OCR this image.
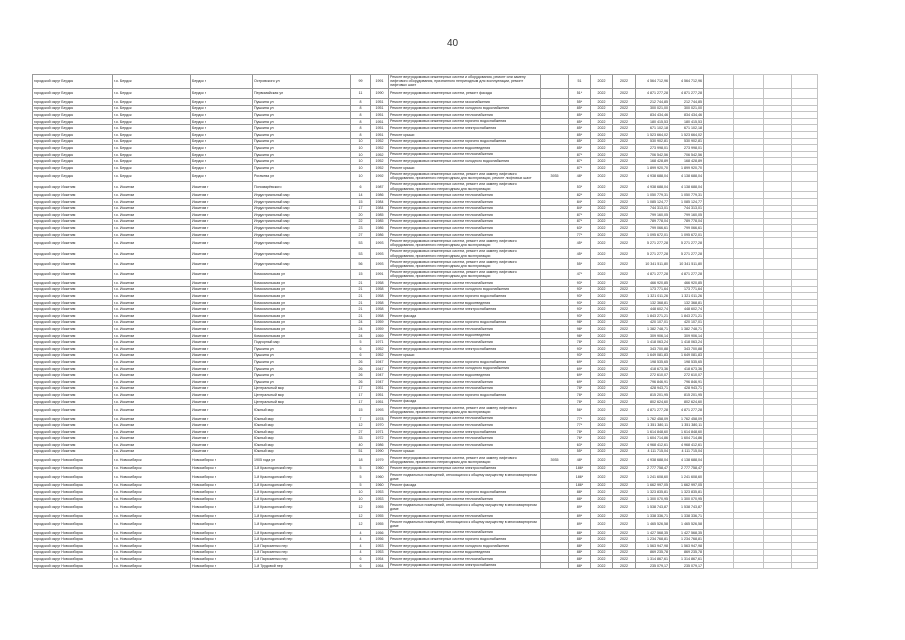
40
городской округ Бердск	г.о. Бердск	Бердск г	Островского ул	99	1991	Ремонт внутридомовых инженерных систем и оборудования, ремонт или замену лифтового оборудования, признанного непригодным для эксплуатации, ремонт лифтовых шахт		51	2022	2022	4 564 712,96	4 564 712,96				
городской округ Бердск	г.о. Бердск	Бердск г	Первомайская ул	11	1990	Ремонт внутридомовых инженерных систем, ремонт фасада		51*	2022	2022	4 871 277,28	4 871 277,28				
городской округ Бердск	г.о. Бердск	Бердск г	Пушкина ул	8	1951	Ремонт внутридомовых инженерных систем газоснабжения		55*	2022	2022	212 744,85	212 744,85				
городской округ Бердск	г.о. Бердск	Бердск г	Пушкина ул	8	1951	Ремонт внутридомовых инженерных систем холодного водоснабжения		85*	2022	2022	300 021,00	300 021,00				
городской округ Бердск	г.о. Бердск	Бердск г	Пушкина ул	8	1951	Ремонт внутридомовых инженерных систем теплоснабжения		85*	2022	2022	834 434,46	834 434,46				
городской округ Бердск	г.о. Бердск	Бердск г	Пушкина ул	8	1951	Ремонт внутридомовых инженерных систем горячего водоснабжения		85*	2022	2022	180 415,53	180 415,53				
городской округ Бердск	г.о. Бердск	Бердск г	Пушкина ул	8	1951	Ремонт внутридомовых инженерных систем электроснабжения		85*	2022	2022	671 102,18	671 102,18				
городской округ Бердск	г.о. Бердск	Бердск г	Пушкина ул	8	1951	Ремонт крыши		85*	2022	2022	1 523 664,02	1 523 664,02				
городской округ Бердск	г.о. Бердск	Бердск г	Пушкина ул	10	1952	Ремонт внутридомовых инженерных систем горячего водоснабжения		85*	2022	2022	530 902,81	530 902,81				
городской округ Бердск	г.о. Бердск	Бердск г	Пушкина ул	10	1952	Ремонт внутридомовых инженерных систем водоотведения		85*	2022	2022	273 998,01	273 998,01				
городской округ Бердск	г.о. Бердск	Бердск г	Пушкина ул	10	1952	Ремонт внутридомовых инженерных систем теплоснабжения		87*	2022	2022	706 542,56	706 542,56				
городской округ Бердск	г.о. Бердск	Бердск г	Пушкина ул	10	1952	Ремонт внутридомовых инженерных систем холодного водоснабжения		87*	2022	2022	168 428,89	168 428,89				
городской округ Бердск	г.о. Бердск	Бердск г	Пушкина ул	10	1952	Ремонт крыши		87*	2022	2022	1 899 920,70	1 899 920,70				
городской округ Бердск	г.о. Бердск	Бердск г	Рогачева ул	10	1992	Ремонт внутридомовых инженерных систем, ремонт или замену лифтового оборудования, признанного непригодным для эксплуатации, ремонт лифтовых шахт	3935	48*	2022	2022	4 938 688,04	4 138 688,04				
городской округ Искитим	г.о. Искитим	Искитим г	Пономарёвского	6	1987	Ремонт внутридомовых инженерных систем, ремонт или замену лифтового оборудования, признанного непригодным для эксплуатации		53*	2022	2022	4 938 688,04	4 138 688,04				
городской округ Искитим	г.о. Искитим	Искитим г	Индустриальный мкр	14	1986	Ремонт внутридомовых инженерных систем теплоснабжения		82*	2022	2022	1 050 779,31	1 050 779,31				
городской округ Искитим	г.о. Искитим	Искитим г	Индустриальный мкр	15	1984	Ремонт внутридомовых инженерных систем теплоснабжения		84*	2022	2022	1 085 124,77	1 085 124,77				
городской округ Искитим	г.о. Искитим	Искитим г	Индустриальный мкр	17	1984	Ремонт внутридомовых инженерных систем теплоснабжения		84*	2022	2022	744 313,01	744 313,01				
городской округ Искитим	г.о. Искитим	Искитим г	Индустриальный мкр	20	1985	Ремонт внутридомовых инженерных систем теплоснабжения		87*	2022	2022	799 160,05	799 160,05				
городской округ Искитим	г.о. Искитим	Искитим г	Индустриальный мкр	22	1985	Ремонт внутридомовых инженерных систем теплоснабжения		87*	2022	2022	789 778,04	789 778,04				
городской округ Искитим	г.о. Искитим	Искитим г	Индустриальный мкр	23	1986	Ремонт внутридомовых инженерных систем теплоснабжения		63*	2022	2022	799 066,61	799 066,61				
городской округ Искитим	г.о. Искитим	Искитим г	Индустриальный мкр	27	1986	Ремонт внутридомовых инженерных систем теплоснабжения		77*	2022	2022	1 095 672,01	1 095 672,01				
городской округ Искитим	г.о. Искитим	Искитим г	Индустриальный мкр	53	1993	Ремонт внутридомовых инженерных систем, ремонт или замену лифтового оборудования, признанного непригодным для эксплуатации		45*	2022	2022	5 271 277,28	5 271 277,28				
городской округ Искитим	г.о. Искитим	Искитим г	Индустриальный мкр	53	1993	Ремонт внутридомовых инженерных систем, ремонт или замену лифтового оборудования, признанного непригодным для эксплуатации		45*	2022	2022	5 271 277,28	5 271 277,28				
городской округ Искитим	г.о. Искитим	Искитим г	Индустриальный мкр	56	1993	Ремонт внутридомовых инженерных систем, ремонт или замену лифтового оборудования, признанного непригодным для эксплуатации		55*	2022	2022	10 341 511,80	10 341 511,80				
городской округ Искитим	г.о. Искитим	Искитим г	Комсомольская ул	15	1991	Ремонт внутридомовых инженерных систем, ремонт или замену лифтового оборудования, признанного непригодным для эксплуатации		47*	2022	2022	4 871 277,28	4 871 277,28				
городской округ Искитим	г.о. Искитим	Искитим г	Комсомольская ул	21	1958	Ремонт внутридомовых инженерных систем теплоснабжения		93*	2022	2022	466 920,85	466 920,85				
городской округ Искитим	г.о. Искитим	Искитим г	Комсомольская ул	21	1958	Ремонт внутридомовых инженерных систем холодного водоснабжения		93*	2022	2022	173 771,64	173 771,64				
городской округ Искитим	г.о. Искитим	Искитим г	Комсомольская ул	21	1958	Ремонт внутридомовых инженерных систем горячего водоснабжения		93*	2022	2022	1 321 011,26	1 321 011,26				
городской округ Искитим	г.о. Искитим	Искитим г	Комсомольская ул	21	1958	Ремонт внутридомовых инженерных систем водоотведения		93*	2022	2022	132 368,81	132 368,81				
городской округ Искитим	г.о. Искитим	Искитим г	Комсомольская ул	21	1958	Ремонт внутридомовых инженерных систем электроснабжения		93*	2022	2022	448 602,74	448 602,74				
городской округ Искитим	г.о. Искитим	Искитим г	Комсомольская ул	21	1958	Ремонт фасада		93*	2022	2022	1 843 271,21	1 843 271,21				
городской округ Искитим	г.о. Искитим	Искитим г	Комсомольская ул	24	1959	Ремонт внутридомовых инженерных систем горячего водоснабжения		98*	2022	2022	420 107,01	420 107,01				
городской округ Искитим	г.о. Искитим	Искитим г	Комсомольская ул	24	1959	Ремонт внутридомовых инженерных систем теплоснабжения		98*	2022	2022	1 382 748,71	1 382 748,71				
городской округ Искитим	г.о. Искитим	Искитим г	Комсомольская ул	24	1959	Ремонт внутридомовых инженерных систем водоотведения		98*	2022	2022	309 906,14	309 906,14				
городской округ Искитим	г.о. Искитим	Искитим г	Подгорный мкр	5	1971	Ремонт внутридомовых инженерных систем теплоснабжения		78*	2022	2022	1 418 063,24	1 418 063,24				
городской округ Искитим	г.о. Искитим	Искитим г	Пушкина ул	6	1952	Ремонт внутридомовых инженерных систем электроснабжения		93*	2022	2022	343 700,88	343 700,88				
городской округ Искитим	г.о. Искитим	Искитим г	Пушкина ул	6	1952	Ремонт крыши		93*	2022	2022	1 649 081,83	1 649 081,83				
городской округ Искитим	г.о. Искитим	Искитим г	Пушкина ул	26	1947	Ремонт внутридомовых инженерных систем горячего водоснабжения		69*	2022	2022	198 535,65	198 535,65				
городской округ Искитим	г.о. Искитим	Искитим г	Пушкина ул	26	1947	Ремонт внутридомовых инженерных систем холодного водоснабжения		69*	2022	2022	418 673,36	418 673,36				
городской округ Искитим	г.о. Искитим	Искитим г	Пушкина ул	26	1947	Ремонт внутридомовых инженерных систем водоотведения		69*	2022	2022	272 610,07	272 610,07				
городской округ Искитим	г.о. Искитим	Искитим г	Пушкина ул	26	1947	Ремонт внутридомовых инженерных систем теплоснабжения		69*	2022	2022	796 846,91	796 846,91				
городской округ Искитим	г.о. Искитим	Искитим г	Центральный мкр	17	1951	Ремонт внутридомовых инженерных систем теплоснабжения		78*	2022	2022	428 943,71	428 943,71				
городской округ Искитим	г.о. Искитим	Искитим г	Центральный мкр	17	1951	Ремонт внутридомовых инженерных систем горячего водоснабжения		78*	2022	2022	815 201,95	815 201,95				
городской округ Искитим	г.о. Искитим	Искитим г	Центральный мкр	17	1951	Ремонт фасада		78*	2022	2022	802 624,60	802 624,60				
городской округ Искитим	г.о. Искитим	Искитим г	Южный мкр	15	1993	Ремонт внутридомовых инженерных систем, ремонт или замену лифтового оборудования, признанного непригодным для эксплуатации		56*	2022	2022	4 871 277,28	4 871 277,28				
городской округ Искитим	г.о. Искитим	Искитим г	Южный мкр	7	1978	Ремонт внутридомовых инженерных систем теплоснабжения		77*	2022	2022	1 762 458,09	1 762 458,09				
городской округ Искитим	г.о. Искитим	Искитим г	Южный мкр	12	1970	Ремонт внутридомовых инженерных систем теплоснабжения		77*	2022	2022	1 351 380,11	1 351 380,11				
городской округ Искитим	г.о. Искитим	Искитим г	Южный мкр	27	1971	Ремонт внутридомовых инженерных систем электроснабжения		78*	2022	2022	1 614 848,60	1 614 848,60				
городской округ Искитим	г.о. Искитим	Искитим г	Южный мкр	33	1972	Ремонт внутридомовых инженерных систем теплоснабжения		76*	2022	2022	1 604 714,86	1 604 714,86				
городской округ Искитим	г.о. Искитим	Искитим г	Южный мкр	40	1986	Ремонт внутридомовых инженерных систем теплоснабжения		63*	2022	2022	4 968 412,61	4 968 412,61				
городской округ Искитим	г.о. Искитим	Искитим г	Южный мкр	51	1990	Ремонт крыши		55*	2022	2022	4 111 715,04	4 111 715,04				
городской округ Новосибирск	г.о. Новосибирск	Новосибирск г	1905 года ул	18	1979	Ремонт внутридомовых инженерных систем, ремонт или замену лифтового оборудования, признанного непригодным для эксплуатации	3935	48*	2022	2022	4 938 688,04	4 138 688,04				
городской округ Новосибирск	г.о. Новосибирск	Новосибирск г	1-й Краснодонский пер	5	1960	Ремонт внутридомовых инженерных систем электроснабжения		186*	2022	2022	2 777 758,47	2 777 758,47				
городской округ Новосибирск	г.о. Новосибирск	Новосибирск г	1-й Краснодонский пер	5	1960	Ремонт подвальных помещений, относящихся к общему имуществу в многоквартирном доме		186*	2022	2022	1 241 608,60	1 241 608,60				
городской округ Новосибирск	г.о. Новосибирск	Новосибирск г	1-й Краснодонский пер	5	1960	Ремонт фасада		186*	2022	2022	1 662 997,05	1 662 997,05				
городской округ Новосибирск	г.о. Новосибирск	Новосибирск г	1-й Краснодонский пер	10	1953	Ремонт внутридомовых инженерных систем горячего водоснабжения		88*	2022	2022	1 323 835,81	1 323 835,81				
городской округ Новосибирск	г.о. Новосибирск	Новосибирск г	1-й Краснодонский пер	10	1953	Ремонт внутридомовых инженерных систем теплоснабжения		88*	2022	2022	1 300 070,95	1 300 070,95				
городской округ Новосибирск	г.о. Новосибирск	Новосибирск г	1-й Краснодонский пер	12	1955	Ремонт подвальных помещений, относящихся к общему имуществу в многоквартирном доме		89*	2022	2022	1 538 743,87	1 538 743,87				
городской округ Новосибирск	г.о. Новосибирск	Новосибирск г	1-й Краснодонский пер	12	1955	Ремонт внутридомовых инженерных систем теплоснабжения		89*	2022	2022	1 338 336,71	1 338 336,71				
городской округ Новосибирск	г.о. Новосибирск	Новосибирск г	1-й Краснодонский пер	12	1955	Ремонт подвальных помещений, относящихся к общему имуществу в многоквартирном доме		89*	2022	2022	1 465 526,58	1 465 526,58				
городской округ Новосибирск	г.о. Новосибирск	Новосибирск г	1-й Краснодонский пер	4	1956	Ремонт внутридомовых инженерных систем теплоснабжения		88*	2022	2022	1 427 568,35	1 427 568,35				
городской округ Новосибирск	г.о. Новосибирск	Новосибирск г	1-й Краснодонский пер	4	1956	Ремонт внутридомовых инженерных систем горячего водоснабжения		88*	2022	2022	1 234 768,81	1 234 768,81				
городской округ Новосибирск	г.о. Новосибирск	Новосибирск г	1-й Пархоменко пер	4	1953	Ремонт внутридомовых инженерных систем холодного водоснабжения		88*	2022	2022	1 563 947,98	1 563 947,98				
городской округ Новосибирск	г.о. Новосибирск	Новосибирск г	1-й Пархоменко пер	4	1953	Ремонт внутридомовых инженерных систем водоотведения		88*	2022	2022	869 235,78	869 235,78				
городской округ Новосибирск	г.о. Новосибирск	Новосибирск г	1-й Пархоменко пер	6	1954	Ремонт внутридомовых инженерных систем теплоснабжения		88*	2022	2022	1 314 867,61	1 314 867,61				
городской округ Новосибирск	г.о. Новосибирск	Новосибирск г	1-й Трудовой пер	6	1954	Ремонт внутридомовых инженерных систем электроснабжения		88*	2022	2022	235 079,17	235 079,17				
